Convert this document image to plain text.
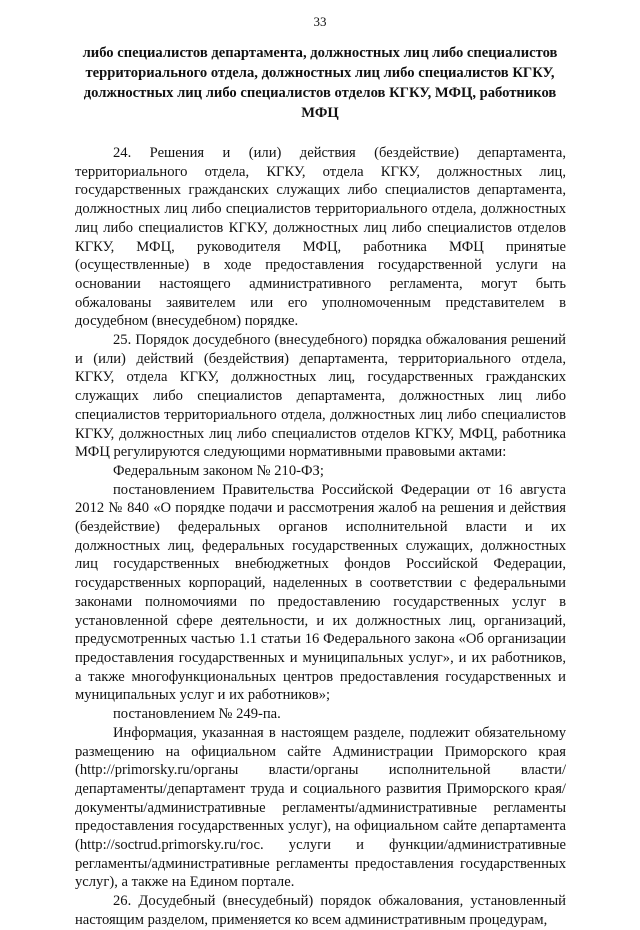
33
либо специалистов департамента, должностных лиц либо специалистов территориального отдела, должностных лиц либо специалистов КГКУ, должностных лиц либо специалистов отделов КГКУ, МФЦ, работников МФЦ

24. Решения и (или) действия (бездействие) департамента, территориального отдела, КГКУ, отдела КГКУ, должностных лиц, государственных гражданских служащих либо специалистов департамента, должностных лиц либо специалистов территориального отдела, должностных лиц либо специалистов КГКУ, должностных лиц либо специалистов отделов КГКУ, МФЦ, руководителя МФЦ, работника МФЦ принятые (осуществленные) в ходе предоставления государственной услуги на основании настоящего административного регламента, могут быть обжалованы заявителем или его уполномоченным представителем в досудебном (внесудебном) порядке.

25. Порядок досудебного (внесудебного) порядка обжалования решений и (или) действий (бездействия) департамента, территориального отдела, КГКУ, отдела КГКУ, должностных лиц, государственных гражданских служащих либо специалистов департамента, должностных лиц либо специалистов территориального отдела, должностных лиц либо специалистов КГКУ, должностных лиц либо специалистов отделов КГКУ, МФЦ, работника МФЦ регулируются следующими нормативными правовыми актами:

Федеральным законом № 210-ФЗ;

постановлением Правительства Российской Федерации от 16 августа 2012 № 840 «О порядке подачи и рассмотрения жалоб на решения и действия (бездействие) федеральных органов исполнительной власти и их должностных лиц, федеральных государственных служащих, должностных лиц государственных внебюджетных фондов Российской Федерации, государственных корпораций, наделенных в соответствии с федеральными законами полномочиями по предоставлению государственных услуг в установленной сфере деятельности, и их должностных лиц, организаций, предусмотренных частью 1.1 статьи 16 Федерального закона «Об организации предоставления государственных и муниципальных услуг», и их работников, а также многофункциональных центров предоставления государственных и муниципальных услуг и их работников»;

постановлением № 249-па.

Информация, указанная в настоящем разделе, подлежит обязательному размещению на официальном сайте Администрации Приморского края (http://primorsky.ru/органы власти/органы исполнительной власти/департаменты/департамент труда и социального развития Приморского края/ документы/административные регламенты/административные регламенты предоставления государственных услуг), на официальном сайте департамента (http://soctrud.primorsky.ru/гос. услуги и функции/административные регламенты/административные регламенты предоставления государственных услуг), а также на Едином портале.

26. Досудебный (внесудебный) порядок обжалования, установленный настоящим разделом, применяется ко всем административным процедурам,
